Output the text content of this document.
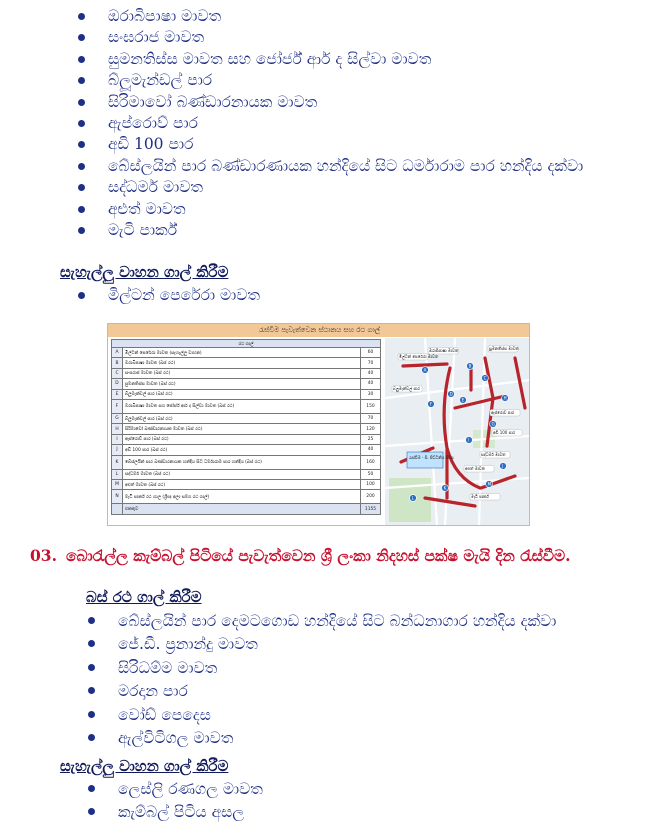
ඔරාබිපාෂා මාවත
සංඝරාජ මාවත
සුමනතිස්ස මාවත සහ ජෝර්ජ් ආර් ද සිල්වා මාවත
බ්ලූමැන්ඩල් පාර
සිරිමාවෝ බණ්ඩාරනායක මාවත
ඇප්රොව් පාර
අඩි 100 පාර
බේස්ලයින් පාර බණ්ඩාරණායක හන්දියේ සිට ධර්මාරාම පාර හන්දිය දක්වා
සද්ධර්ම මාවත
අළුත් මාවත
මැටි පාර්ක්
සැහැල්ලු වාහන ගාල් කිරීම
මිල්ටන් පෙරේරා මාවත
රැස්වීම පැවැත්වෙන ස්ථානය සහ රථ ගාල්
රථ ගාල්		
A	මිල්ටන් පෙරේරා මාවත (සැහැල්ලු වාහන)	60
B	ඔරාබිපාෂා මාවත (බස් රථ)	70
C	සංඝරාජ මාවත (බස් රථ)	40
D	සුමනතිස්ස මාවත (බස් රථ)	40
E	බ්ලූමැන්ඩල් පාර (බස් රථ)	30
F	ඔරාබිපාෂා මාවත සහ ජෝර්ජ් ආර් ද සිල්වා මාවත (බස් රථ)	150
G	බ්ලූමැන්ඩල් පාර (බස් රථ)	70
H	සිරිමාවෝ බණ්ඩාරනායක මාවත (බස් රථ)	120
I	ඇප්රොව් පාර (බස් රථ)	25
J	අඩි 100 පාර (බස් රථ)	40
K	බේස්ලයින් පාර බණ්ඩාරනායක හන්දිය සිට ධර්මාරාම පාර හන්දිය (බස් රථ)	160
L	සද්ධර්ම මාවත (බස් රථ)	50
M	අළුත් මාවත (බස් රථ)	100
N	මැටි පාර්ක් රථ ගාල (ශ්‍රීඥ අලා සමග රථ ගාල්)	200
	එකතුව	1155
රැස්වීම - බී. පිට්ටනිය 60ය
මිල්ටන් පෙරේරා මාවත
ඔරාබිපාෂා මාවත	සුමනතිස්ස මාවත
බ්ලූමැන්ඩල් පාර
ඇප්රොව් පාර
අඩි 100 පාර
සද්ධර්ම මාවත
අළුත් මාවත
මැටි පාර්ක්
A
B
C
D
E
F
G
H
I
J
K
L
M
03. බොරැල්ල කැම්බල් පිටියේ පැවැත්වෙන ශ්‍රී ලංකා නිදහස් පක්ෂ මැයි දින රැස්වීම.
බස් රථ ගාල් කිරීම
බේස්ලයින් පාර දෙමටගොඩ හන්දියේ සිට බන්ධනාගාර හන්දිය දක්වා
ජේ.ඩී. ප්‍රනාන්දු මාවත
සිරිධම්ම මාවත
මරදාන පාර
වෝඩ් පෙදෙස
ඇල්විටිගල මාවත
සැහැල්ලු වාහන ගාල් කිරීම
ලෙස්ලි රණගල මාවත
කැම්බල් පිටිය අසල
